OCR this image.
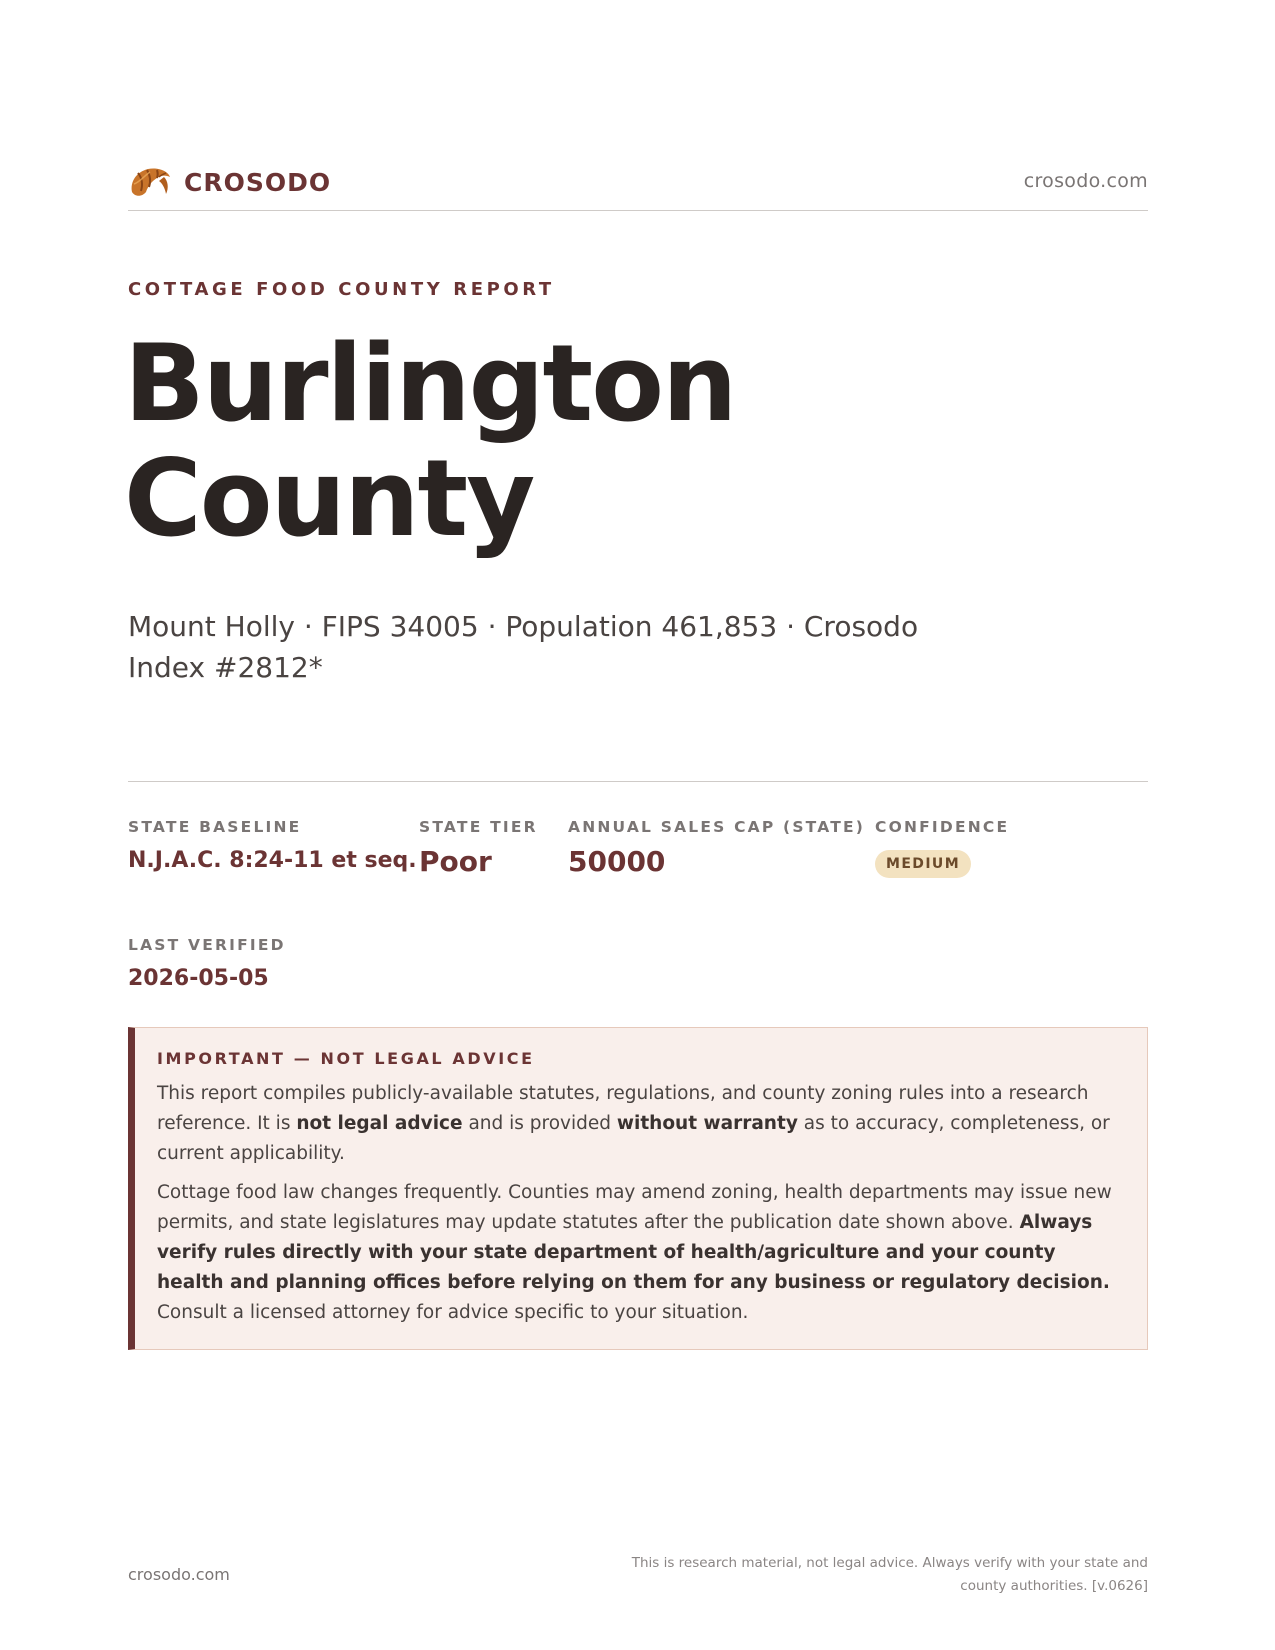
CROSODO	crosodo.com
COTTAGE FOOD COUNTY REPORT
Burlington County
Mount Holly · FIPS 34005 · Population 461,853 · Crosodo Index #2812*
STATE BASELINE
N.J.A.C. 8:24-11 et seq.
STATE TIER
Poor
ANNUAL SALES CAP (STATE)
50000
CONFIDENCE
MEDIUM
LAST VERIFIED
2026-05-05
IMPORTANT — NOT LEGAL ADVICE

This report compiles publicly-available statutes, regulations, and county zoning rules into a research reference. It is not legal advice and is provided without warranty as to accuracy, completeness, or current applicability.

Cottage food law changes frequently. Counties may amend zoning, health departments may issue new permits, and state legislatures may update statutes after the publication date shown above. Always verify rules directly with your state department of health/agriculture and your county health and planning offices before relying on them for any business or regulatory decision. Consult a licensed attorney for advice specific to your situation.

crosodo.com
This is research material, not legal advice. Always verify with your state and county authorities. [v.0626]
